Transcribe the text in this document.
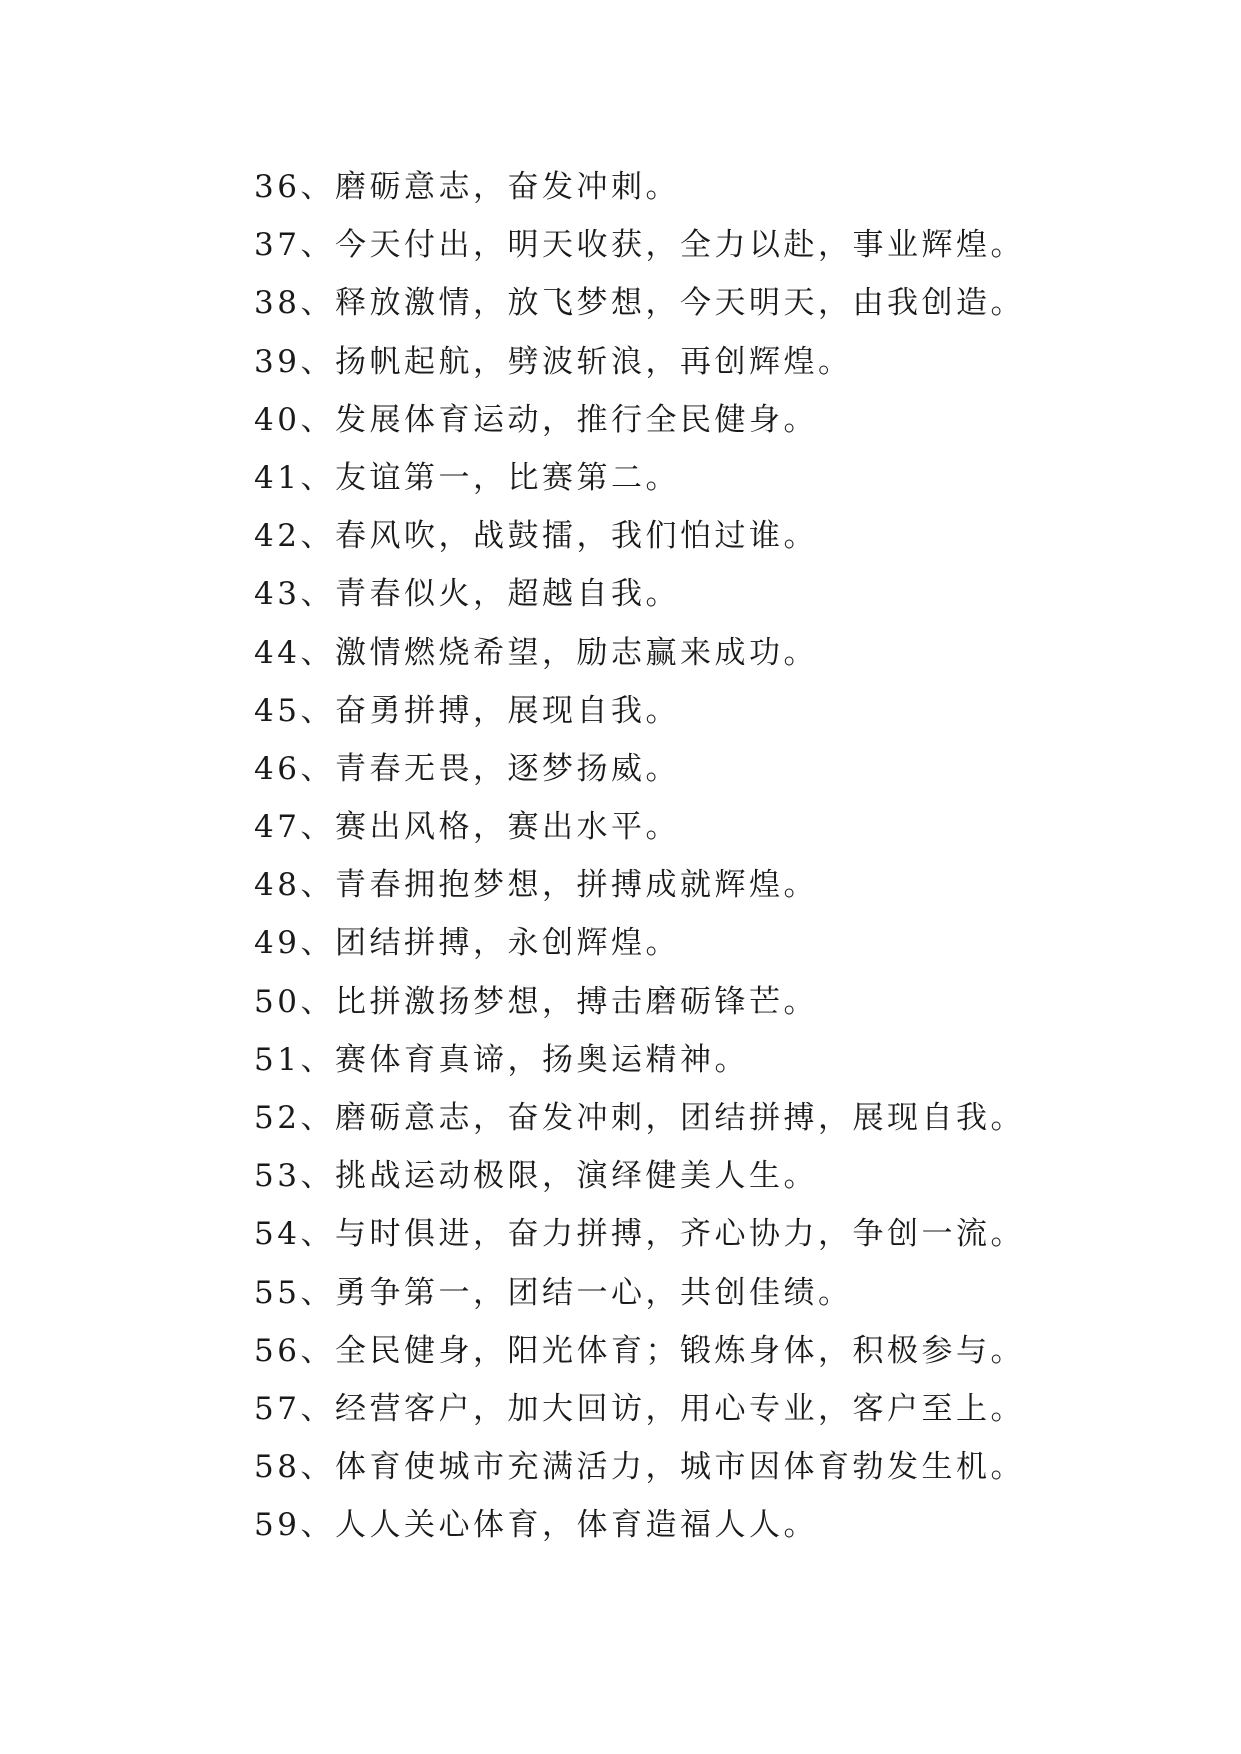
36、磨砺意志，奋发冲刺。
37、今天付出，明天收获，全力以赴，事业辉煌。
38、释放激情，放飞梦想，今天明天，由我创造。
39、扬帆起航，劈波斩浪，再创辉煌。
40、发展体育运动，推行全民健身。
41、友谊第一，比赛第二。
42、春风吹，战鼓擂，我们怕过谁。
43、青春似火，超越自我。
44、激情燃烧希望，励志赢来成功。
45、奋勇拼搏，展现自我。
46、青春无畏，逐梦扬威。
47、赛出风格，赛出水平。
48、青春拥抱梦想，拼搏成就辉煌。
49、团结拼搏，永创辉煌。
50、比拼激扬梦想，搏击磨砺锋芒。
51、赛体育真谛，扬奥运精神。
52、磨砺意志，奋发冲刺，团结拼搏，展现自我。
53、挑战运动极限，演绎健美人生。
54、与时俱进，奋力拼搏，齐心协力，争创一流。
55、勇争第一，团结一心，共创佳绩。
56、全民健身，阳光体育；锻炼身体，积极参与。
57、经营客户，加大回访，用心专业，客户至上。
58、体育使城市充满活力，城市因体育勃发生机。
59、人人关心体育，体育造福人人。
